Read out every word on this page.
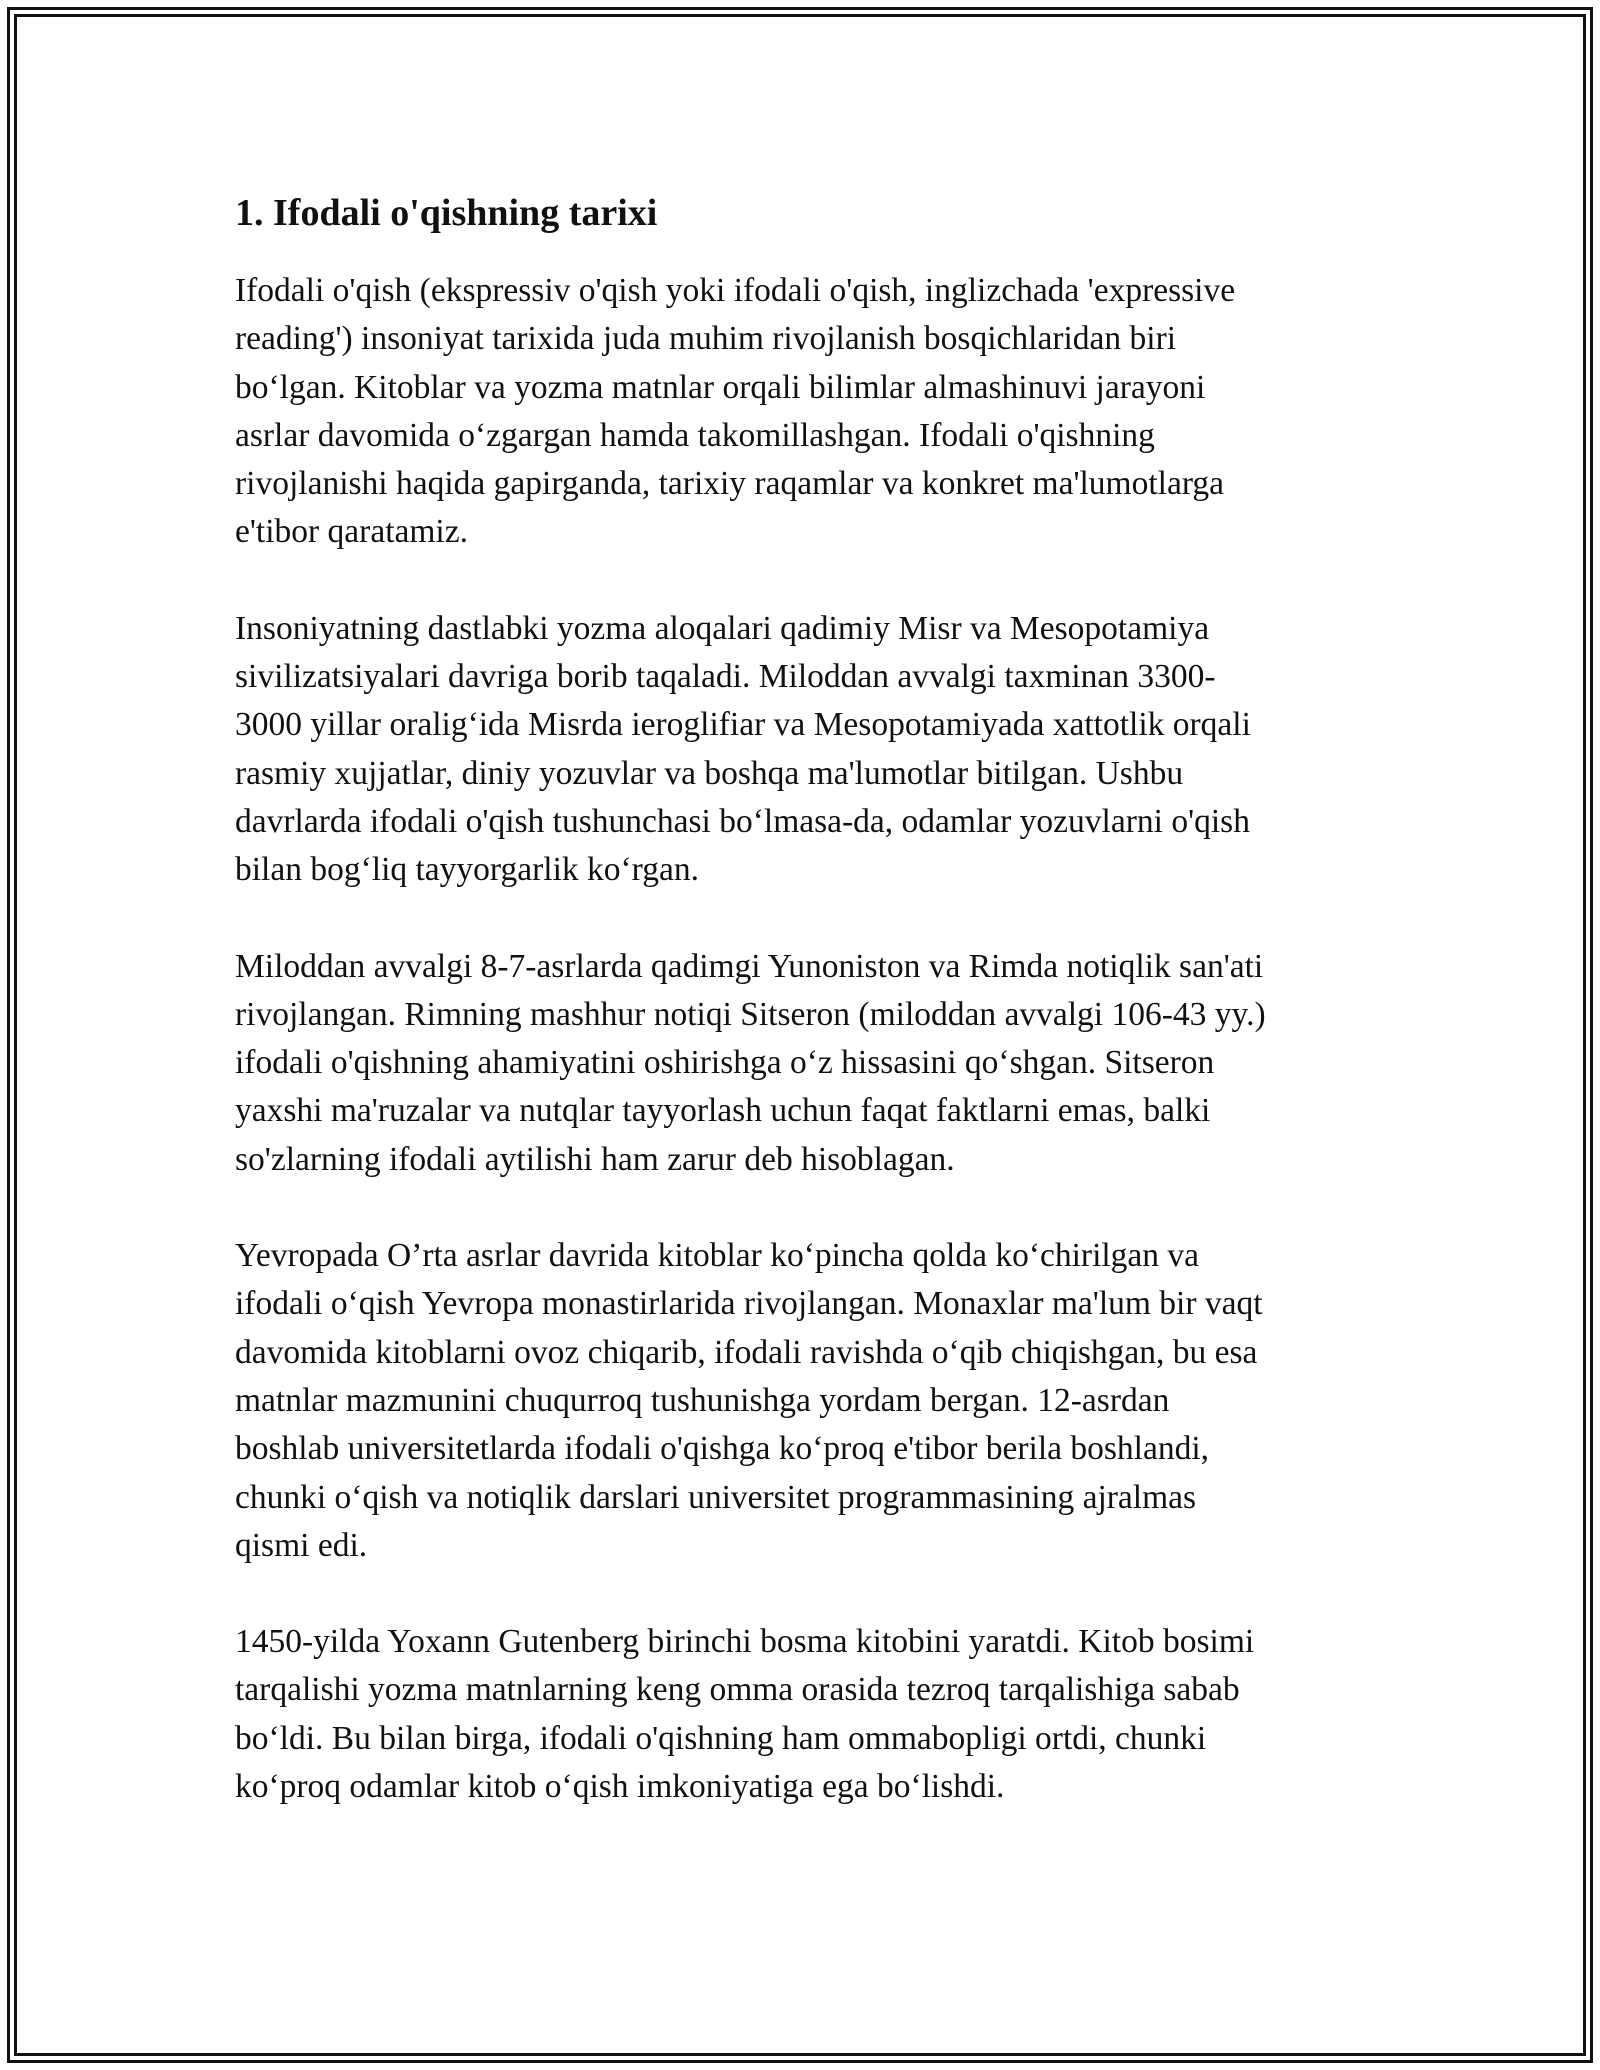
1. Ifodali o'qishning tarixi

Ifodali o'qish (ekspressiv o'qish yoki ifodali o'qish, inglizchada 'expressive
reading') insoniyat tarixida juda muhim rivojlanish bosqichlaridan biri
bo‘lgan. Kitoblar va yozma matnlar orqali bilimlar almashinuvi jarayoni
asrlar davomida o‘zgargan hamda takomillashgan. Ifodali o'qishning
rivojlanishi haqida gapirganda, tarixiy raqamlar va konkret ma'lumotlarga
e'tibor qaratamiz.

Insoniyatning dastlabki yozma aloqalari qadimiy Misr va Mesopotamiya
sivilizatsiyalari davriga borib taqaladi. Miloddan avvalgi taxminan 3300-
3000 yillar oralig‘ida Misrda ieroglifiar va Mesopotamiyada xattotlik orqali
rasmiy xujjatlar, diniy yozuvlar va boshqa ma'lumotlar bitilgan. Ushbu
davrlarda ifodali o'qish tushunchasi bo‘lmasa-da, odamlar yozuvlarni o'qish
bilan bog‘liq tayyorgarlik ko‘rgan.

Miloddan avvalgi 8-7-asrlarda qadimgi Yunoniston va Rimda notiqlik san'ati
rivojlangan. Rimning mashhur notiqi Sitseron (miloddan avvalgi 106-43 yy.)
ifodali o'qishning ahamiyatini oshirishga o‘z hissasini qo‘shgan. Sitseron
yaxshi ma'ruzalar va nutqlar tayyorlash uchun faqat faktlarni emas, balki
so'zlarning ifodali aytilishi ham zarur deb hisoblagan.

Yevropada O’rta asrlar davrida kitoblar ko‘pincha qolda ko‘chirilgan va
ifodali o‘qish Yevropa monastirlarida rivojlangan. Monaxlar ma'lum bir vaqt
davomida kitoblarni ovoz chiqarib, ifodali ravishda o‘qib chiqishgan, bu esa
matnlar mazmunini chuqurroq tushunishga yordam bergan. 12-asrdan
boshlab universitetlarda ifodali o'qishga ko‘proq e'tibor berila boshlandi,
chunki o‘qish va notiqlik darslari universitet programmasining ajralmas
qismi edi.

1450-yilda Yoxann Gutenberg birinchi bosma kitobini yaratdi. Kitob bosimi
tarqalishi yozma matnlarning keng omma orasida tezroq tarqalishiga sabab
bo‘ldi. Bu bilan birga, ifodali o'qishning ham ommabopligi ortdi, chunki
ko‘proq odamlar kitob o‘qish imkoniyatiga ega bo‘lishdi.
